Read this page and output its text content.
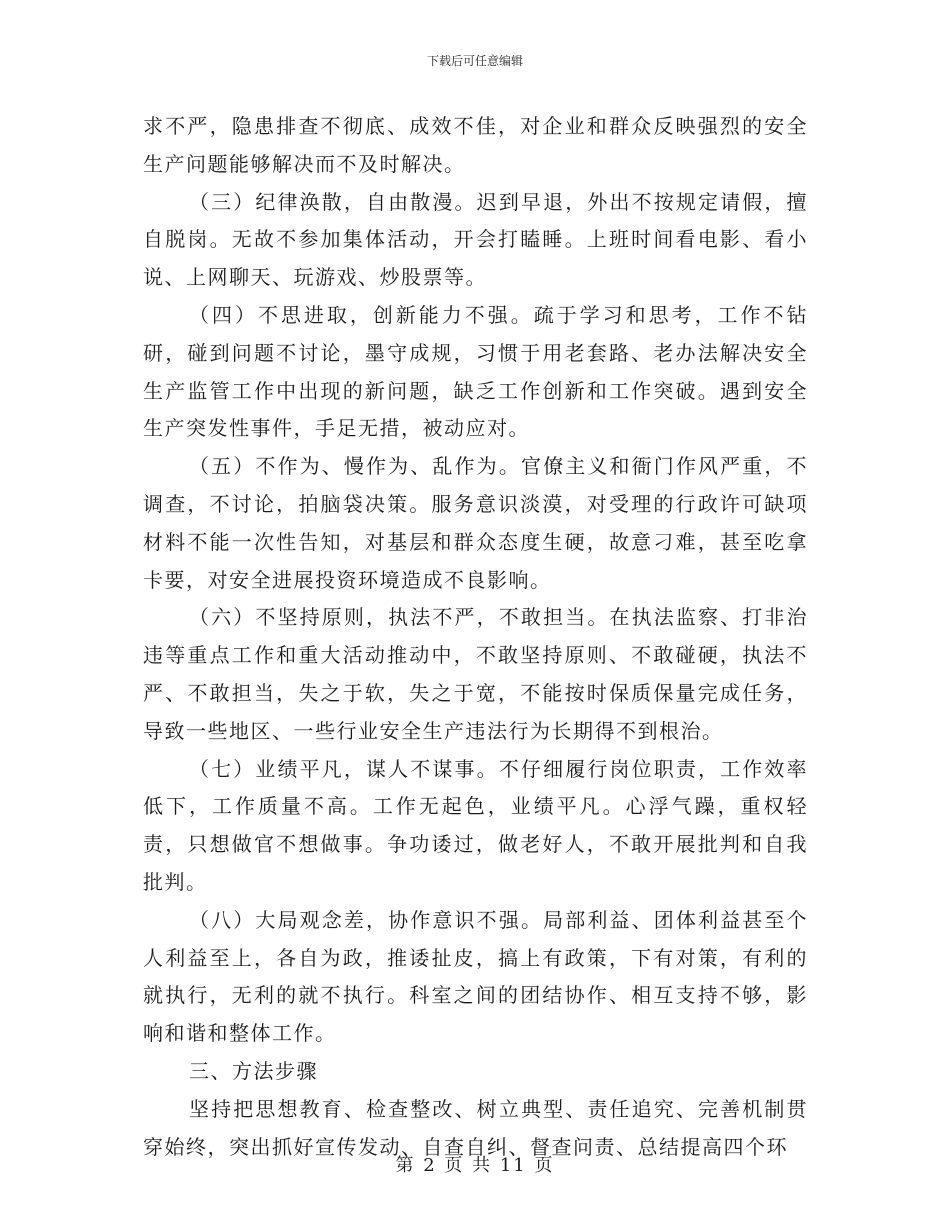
下载后可任意编辑

求不严，隐患排查不彻底、成效不佳，对企业和群众反映强烈的安全生产问题能够解决而不及时解决。

（三）纪律涣散，自由散漫。迟到早退，外出不按规定请假，擅自脱岗。无故不参加集体活动，开会打瞌睡。上班时间看电影、看小说、上网聊天、玩游戏、炒股票等。

（四）不思进取，创新能力不强。疏于学习和思考，工作不钻研，碰到问题不讨论，墨守成规，习惯于用老套路、老办法解决安全生产监管工作中出现的新问题，缺乏工作创新和工作突破。遇到安全生产突发性事件，手足无措，被动应对。

（五）不作为、慢作为、乱作为。官僚主义和衙门作风严重，不调查，不讨论，拍脑袋决策。服务意识淡漠，对受理的行政许可缺项材料不能一次性告知，对基层和群众态度生硬，故意刁难，甚至吃拿卡要，对安全进展投资环境造成不良影响。

（六）不坚持原则，执法不严，不敢担当。在执法监察、打非治违等重点工作和重大活动推动中，不敢坚持原则、不敢碰硬，执法不严、不敢担当，失之于软，失之于宽，不能按时保质保量完成任务，导致一些地区、一些行业安全生产违法行为长期得不到根治。

（七）业绩平凡，谋人不谋事。不仔细履行岗位职责，工作效率低下，工作质量不高。工作无起色，业绩平凡。心浮气躁，重权轻责，只想做官不想做事。争功诿过，做老好人，不敢开展批判和自我批判。

（八）大局观念差，协作意识不强。局部利益、团体利益甚至个人利益至上，各自为政，推诿扯皮，搞上有政策，下有对策，有利的就执行，无利的就不执行。科室之间的团结协作、相互支持不够，影响和谐和整体工作。

三、方法步骤

坚持把思想教育、检查整改、树立典型、责任追究、完善机制贯穿始终，突出抓好宣传发动、自查自纠、督查问责、总结提高四个环

第 2 页 共 11 页
